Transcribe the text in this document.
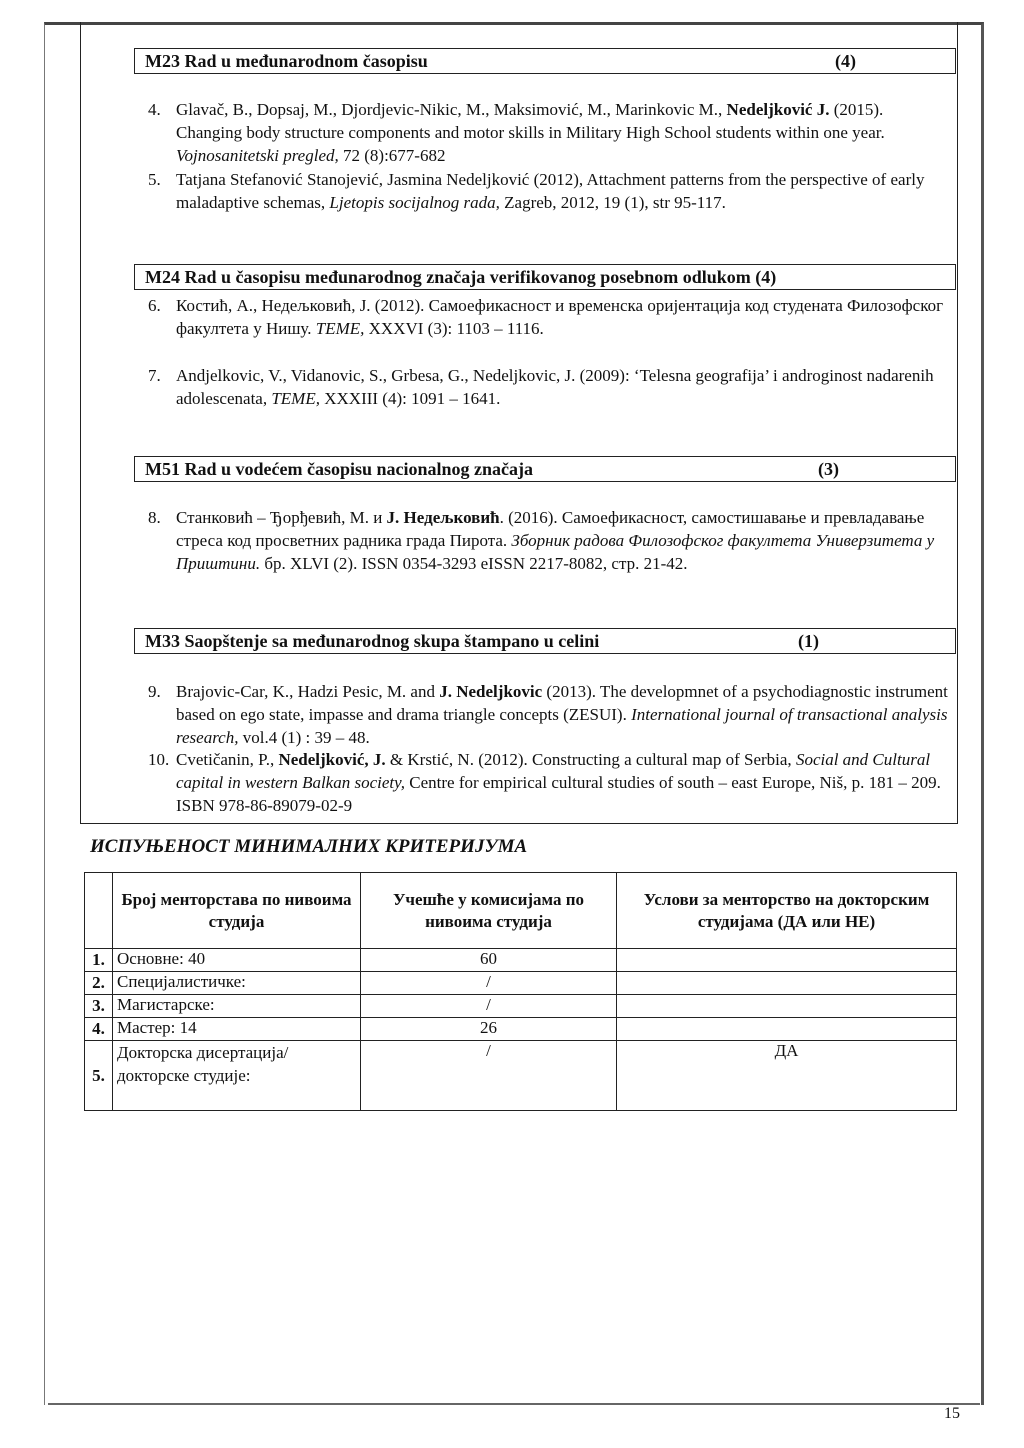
15
M23 Rad u međunarodnom časopisu	(4)
4. Glavač, B., Dopsaj, M., Djordjevic-Nikic, M., Maksimović, M., Marinkovic M., Nedeljković J. (2015). Changing body structure components and motor skills in Military High School students within one year. Vojnosanitetski pregled, 72 (8):677-682
5. Tatjana Stefanović Stanojević, Jasmina Nedeljković (2012), Attachment patterns from the perspective of early maladaptive schemas, Ljetopis socijalnog rada, Zagreb, 2012, 19 (1), str 95-117.
M24 Rad u časopisu međunarodnog značaja verifikovanog posebnom odlukom (4)
6. Костић, А., Недељковић, Ј. (2012). Самоефикасност и временска оријентација код студената Филозофског факултета у Нишу. ТЕМЕ, XXXVI (3): 1103 – 1116.
7. Andjelkovic, V., Vidanovic, S., Grbesa, G., Nedeljkovic, J. (2009): ‘Telesna geografija’ i androginost nadarenih adolescenata, TEME, XXXIII (4): 1091 – 1641.
M51 Rad u vodećem časopisu nacionalnog značaja	(3)
8. Станковић – Ђорђевић, М. и Ј. Недељковић. (2016). Самоефикасност, самостишавање и превладавање стреса код просветних радника града Пирота. Зборник радова Филозофског факултета Универзитета у Приштини. бр. XLVI (2). ISSN 0354-3293 eISSN 2217-8082, стр. 21-42.
M33 Saopštenje sa međunarodnog skupa štampano u celini	(1)
9. Brajovic-Car, K., Hadzi Pesic, M. and J. Nedeljkovic (2013). The developmnet of a psychodiagnostic instrument based on ego state, impasse and drama triangle concepts (ZESUI). International journal of transactional analysis research, vol.4 (1) : 39 – 48.
10. Cvetičanin, P., Nedeljković, J. & Krstić, N. (2012). Constructing a cultural map of Serbia, Social and Cultural capital in western Balkan society, Centre for empirical cultural studies of south – east Europe, Niš, p. 181 – 209. ISBN 978-86-89079-02-9
ИСПУЊЕНОСТ МИНИМАЛНИХ КРИТЕРИЈУМА
	Број менторстава по нивоима студија	Учешће у комисијама по нивоима студија	Услови за менторство на докторским студијама (ДА или НЕ)
1.	Основне: 40	60	
2.	Специјалистичке:	/	
3.	Магистарске:	/	
4.	Мастер: 14	26	
5.	Докторска дисертација/докторске студије:	/	ДА
